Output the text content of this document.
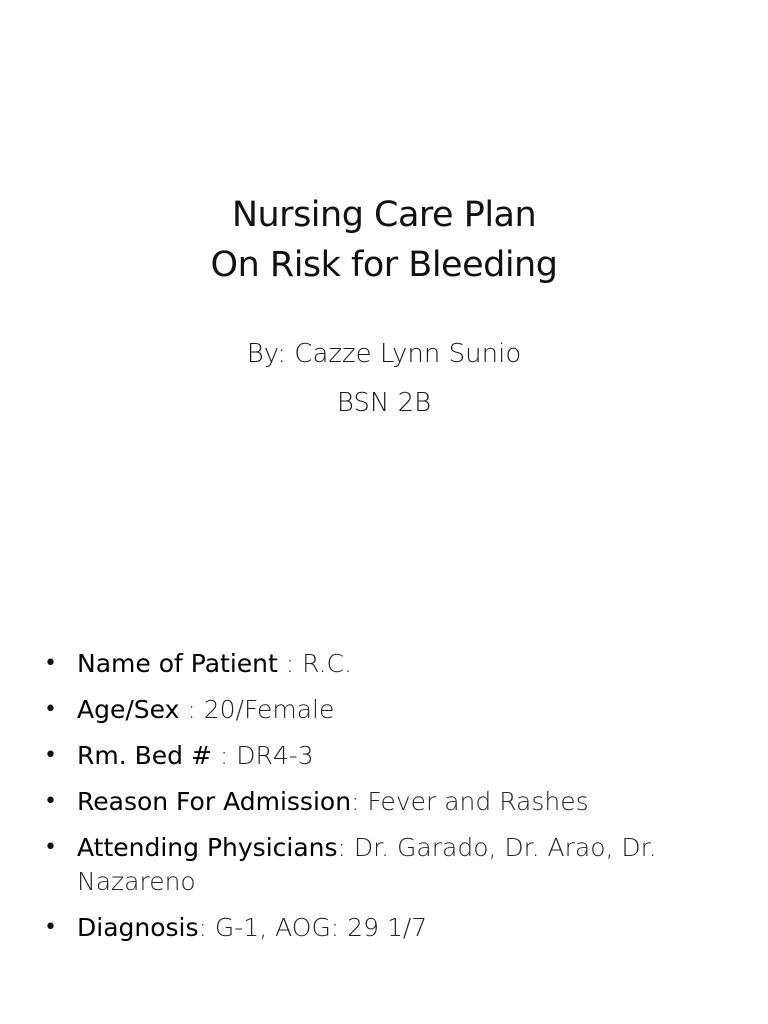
Nursing Care Plan
On Risk for Bleeding
By: Cazze Lynn Sunio
BSN 2B
• Name of Patient : R.C.
• Age/Sex : 20/Female
• Rm. Bed # : DR4-3
• Reason For Admission: Fever and Rashes
• Attending Physicians: Dr. Garado, Dr. Arao, Dr. Nazareno
• Diagnosis: G-1, AOG: 29 1/7
